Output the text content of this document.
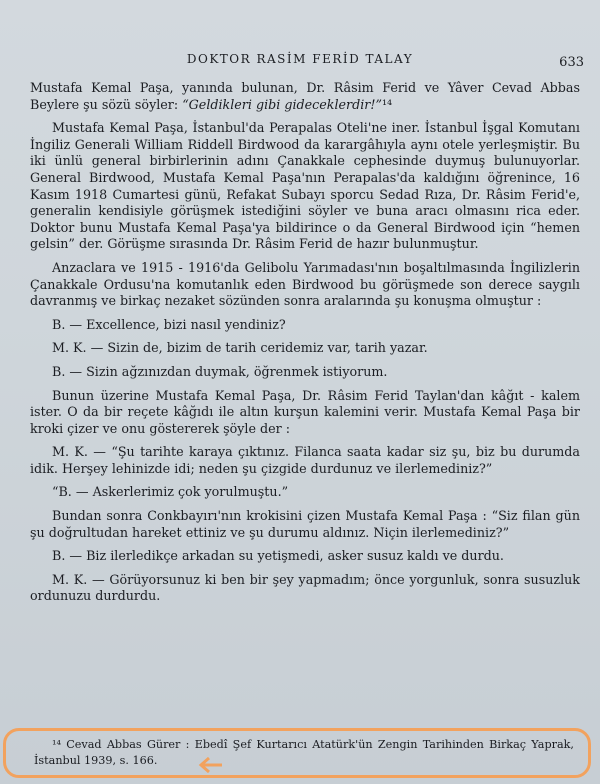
DOKTOR RASİM FERİD TALAY	633

Mustafa Kemal Paşa, yanında bulunan, Dr. Râsim Ferid ve Yâver Cevad Abbas Beylere şu sözü söyler: “Geldikleri gibi gideceklerdir!”¹⁴

Mustafa Kemal Paşa, İstanbul'da Perapalas Oteli'ne iner. İstanbul İşgal Komutanı İngiliz Generali William Riddell Birdwood da karargâhıyla aynı otele yerleşmiştir. Bu iki ünlü general birbirlerinin adını Çanakkale cephesinde duymuş bulunuyorlar. General Birdwood, Mustafa Kemal Paşa'nın Perapalas'da kaldığını öğrenince, 16 Kasım 1918 Cumartesi günü, Refakat Subayı sporcu Sedad Rıza, Dr. Râsim Ferid'e, generalin kendisiyle görüşmek istediğini söyler ve buna aracı olmasını rica eder. Doktor bunu Mustafa Kemal Paşa'ya bildirince o da General Birdwood için “hemen gelsin” der. Görüşme sırasında Dr. Râsim Ferid de hazır bulunmuştur.

Anzaclara ve 1915 - 1916'da Gelibolu Yarımadası'nın boşaltılmasında İngilizlerin Çanakkale Ordusu'na komutanlık eden Birdwood bu görüşmede son derece saygılı davranmış ve birkaç nezaket sözünden sonra aralarında şu konuşma olmuştur :

B. — Excellence, bizi nasıl yendiniz?

M. K. — Sizin de, bizim de tarih ceridemiz var, tarih yazar.

B. — Sizin ağzınızdan duymak, öğrenmek istiyorum.

Bunun üzerine Mustafa Kemal Paşa, Dr. Râsim Ferid Taylan'dan kâğıt - kalem ister. O da bir reçete kâğıdı ile altın kurşun kalemini verir. Mustafa Kemal Paşa bir kroki çizer ve onu göstererek şöyle der :

M. K. — “Şu tarihte karaya çıktınız. Filanca saata kadar siz şu, biz bu durumda idik. Herşey lehinizde idi; neden şu çizgide durdunuz ve ilerlemediniz?”

“B. — Askerlerimiz çok yorulmuştu.”

Bundan sonra Conkbayırı'nın krokisini çizen Mustafa Kemal Paşa : “Siz filan gün şu doğrultudan hareket ettiniz ve şu durumu aldınız. Niçin ilerlemediniz?”

B. — Biz ilerledikçe arkadan su yetişmedi, asker susuz kaldı ve durdu.

M. K. — Görüyorsunuz ki ben bir şey yapmadım; önce yorgunluk, sonra susuzluk ordunuzu durdurdu.

¹⁴ Cevad Abbas Gürer : Ebedî Şef Kurtarıcı Atatürk'ün Zengin Tarihinden Birkaç Yaprak, İstanbul 1939, s. 166.
